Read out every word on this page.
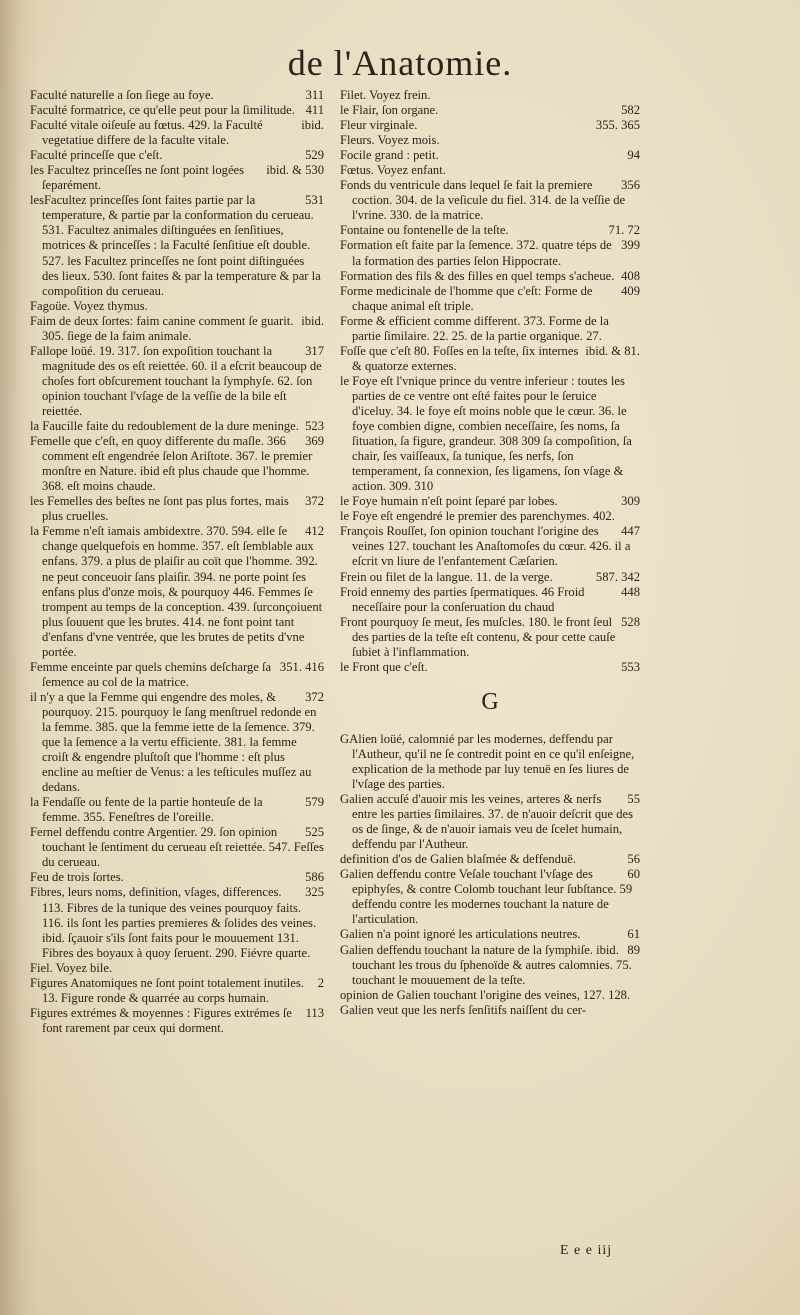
de l'Anatomie.
311
Faculté naturelle a ſon ſiege au foye.
411
Faculté formatrice, ce qu'elle peut pour la ſimilitude.
ibid.
Faculté vitale oiſeuſe au fœtus. 429. la Faculté vegetatiue differe de la faculte vitale.
529
Faculté princeſſe que c'eſt.
ibid. & 530
les Facultez princeſſes ne ſont point logées ſeparément.
531
lesFacultez princeſſes ſont faites partie par la temperature, & partie par la conformation du cerueau. 531. Facultez animales diſtinguées en ſenſitiues, motrices & princeſſes : la Faculté ſenſitiue eſt double. 527. les Facultez princeſſes ne ſont point diſtinguées des lieux. 530. ſont faites & par la temperature & par la compoſition du cerueau.
Fagoüe. Voyez thymus.
ibid.
Faim de deux ſortes: faim canine comment ſe guarit. 305. ſiege de la faim animale.
317
Fallope loüé. 19. 317. ſon expoſition touchant la magnitude des os eſt reiettée. 60. il a eſcrit beaucoup de choſes fort obſcurement touchant la ſymphyſe. 62. ſon opinion touchant l'vſage de la veſſie de la bile eſt reiettée.
523
la Faucille faite du redoublement de la dure meninge.
369
Femelle que c'eſt, en quoy differente du maſle. 366 comment eſt engendrée ſelon Ariſtote. 367. le premier monſtre en Nature. ibid eſt plus chaude que l'homme. 368. eſt moins chaude.
372
les Femelles des beſtes ne ſont pas plus fortes, mais plus cruelles.
412
la Femme n'eſt iamais ambidextre. 370. 594. elle ſe change quelquefois en homme. 357. eſt ſemblable aux enfans. 379. a plus de plaiſir au coït que l'homme. 392. ne peut conceuoir ſans plaiſir. 394. ne porte point ſes enfans plus d'onze mois, & pourquoy 446. Femmes ſe trompent au temps de la conception. 439. ſurconçoiuent plus ſouuent que les brutes. 414. ne font point tant d'enfans d'vne ventrée, que les brutes de petits d'vne portée.
351. 416
Femme enceinte par quels chemins deſcharge ſa ſemence au col de la matrice.
372
il n'y a que la Femme qui engendre des moles, & pourquoy. 215. pourquoy le ſang menſtruel redonde en la femme. 385. que la femme iette de la ſemence. 379. que la ſemence a la vertu efficiente. 381. la femme croiſt & engendre pluſtoſt que l'homme : eſt plus encline au meſtier de Venus: a les teſticules muſſez au dedans.
579
la Fendaſſe ou fente de la partie honteuſe de la femme. 355. Feneſtres de l'oreille.
525
Fernel deffendu contre Argentier. 29. ſon opinion touchant le ſentiment du cerueau eſt reiettée. 547. Feſſes du cerueau.
586
Feu de trois ſortes.
325
Fibres, leurs noms, definition, vſages, differences. 113. Fibres de la tunique des veines pourquoy faits. 116. ils ſont les parties premieres & ſolides des veines. ibid. ſçauoir s'ils ſont faits pour le mouuement 131. Fibres des boyaux à quoy ſeruent. 290. Fiévre quarte.
Fiel. Voyez bile.
2
Figures Anatomiques ne ſont point totalement inutiles. 13. Figure ronde & quarrée au corps humain.
113
Figures extrémes & moyennes : Figures extrémes ſe font rarement par ceux qui dorment.
Filet. Voyez frein.
582
le Flair, ſon organe.
355. 365
Fleur virginale.
Fleurs. Voyez mois.
94
Focile grand : petit.
Fœtus. Voyez enfant.
356
Fonds du ventricule dans lequel ſe fait la premiere coction. 304. de la veſicule du fiel. 314. de la veſſie de l'vrine. 330. de la matrice.
71. 72
Fontaine ou fontenelle de la teſte.
399
Formation eſt faite par la ſemence. 372. quatre téps de la formation des parties ſelon Hippocrate.
408
Formation des fils & des filles en quel temps s'acheue.
409
Forme medicinale de l'homme que c'eſt: Forme de chaque animal eſt triple.
Forme & efficient comme different. 373. Forme de la partie ſimilaire. 22. 25. de la partie organique. 27.
ibid. & 81.
Foſſe que c'eſt 80. Foſſes en la teſte, ſix internes & quatorze externes.
le Foye eſt l'vnique prince du ventre inferieur : toutes les parties de ce ventre ont eſté faites pour le ſeruice d'iceluy. 34. le foye eſt moins noble que le cœur. 36. le foye combien digne, combien neceſſaire, ſes noms, ſa ſituation, ſa figure, grandeur. 308 309 ſa compoſition, ſa chair, ſes vaiſſeaux, ſa tunique, ſes nerfs, ſon temperament, ſa connexion, ſes ligamens, ſon vſage & action. 309. 310
309
le Foye humain n'eſt point ſeparé par lobes.
le Foye eſt engendré le premier des parenchymes. 402.
447
François Rouſſet, ſon opinion touchant l'origine des veines 127. touchant les Anaſtomoſes du cœur. 426. il a eſcrit vn liure de l'enfantement Cæſarien.
587. 342
Frein ou filet de la langue. 11. de la verge.
448
Froid ennemy des parties ſpermatiques. 46 Froid neceſſaire pour la conſeruation du chaud
528
Front pourquoy ſe meut, ſes muſcles. 180. le front ſeul des parties de la teſte eſt contenu, & pour cette cauſe ſubiet à l'inflammation.
553
le Front que c'eſt.
G
GAlien loüé, calomnié par les modernes, deffendu par l'Autheur, qu'il ne ſe contredit point en ce qu'il enſeigne, explication de la methode par luy tenuë en ſes liures de l'vſage des parties.
55
Galien accuſé d'auoir mis les veines, arteres & nerfs entre les parties ſimilaires. 37. de n'auoir deſcrit que des os de ſinge, & de n'auoir iamais veu de ſcelet humain, deffendu par l'Autheur.
56
definition d'os de Galien blaſmée & deffenduë.
60
Galien deffendu contre Veſale touchant l'vſage des epiphyſes, & contre Colomb touchant leur ſubſtance. 59 deffendu contre les modernes touchant la nature de l'articulation.
61
Galien n'a point ignoré les articulations neutres.
89
Galien deffendu touchant la nature de la ſymphiſe. ibid. touchant les trous du ſphenoïde & autres calomnies. 75. touchant le mouuement de la teſte.
opinion de Galien touchant l'origine des veines, 127. 128.
Galien veut que les nerfs ſenſitifs naiſſent du cer-
E e e iij
